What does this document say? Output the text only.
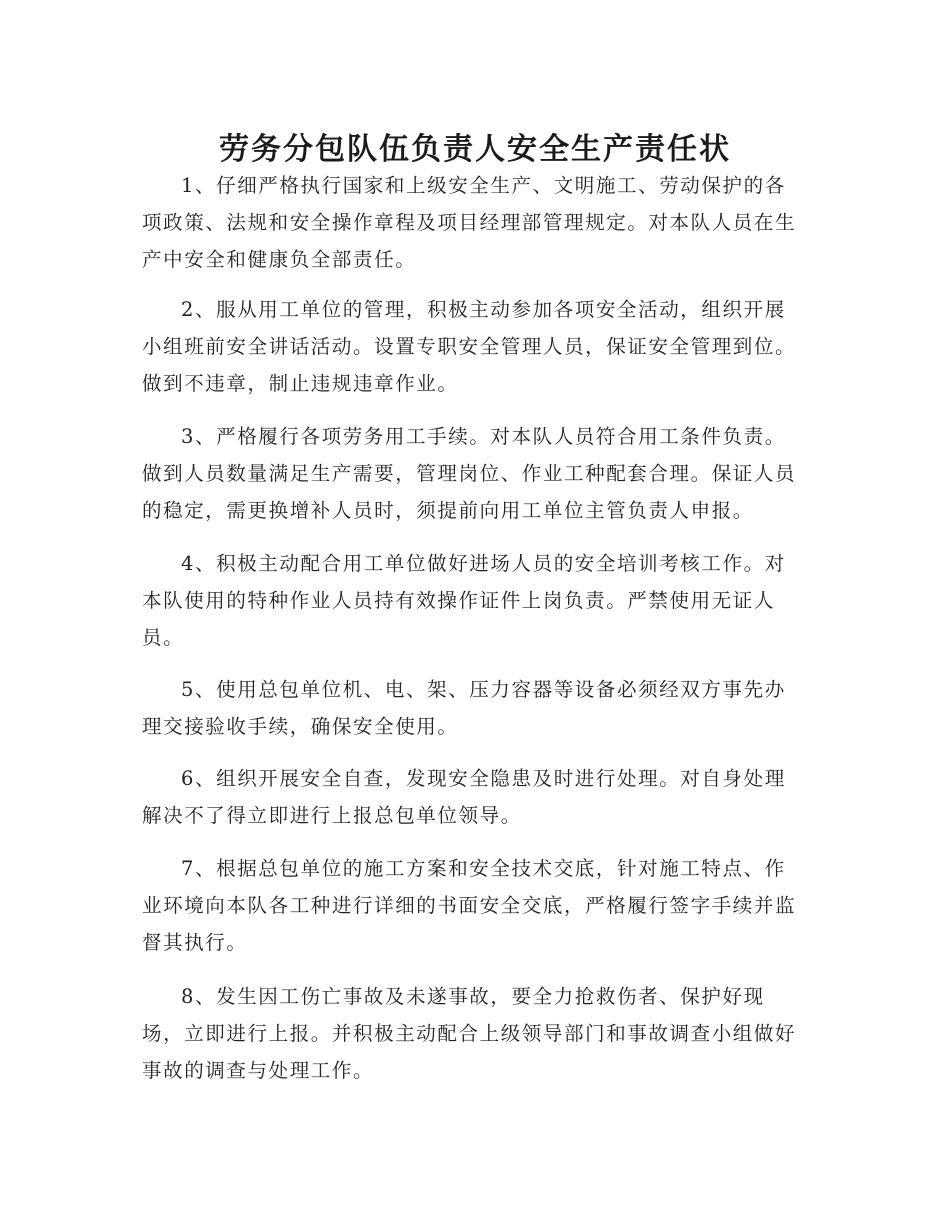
劳务分包队伍负责人安全生产责任状

1、仔细严格执行国家和上级安全生产、文明施工、劳动保护的各项政策、法规和安全操作章程及项目经理部管理规定。对本队人员在生产中安全和健康负全部责任。

2、服从用工单位的管理，积极主动参加各项安全活动，组织开展小组班前安全讲话活动。设置专职安全管理人员，保证安全管理到位。做到不违章，制止违规违章作业。

3、严格履行各项劳务用工手续。对本队人员符合用工条件负责。做到人员数量满足生产需要，管理岗位、作业工种配套合理。保证人员的稳定，需更换增补人员时，须提前向用工单位主管负责人申报。

4、积极主动配合用工单位做好进场人员的安全培训考核工作。对本队使用的特种作业人员持有效操作证件上岗负责。严禁使用无证人员。

5、使用总包单位机、电、架、压力容器等设备必须经双方事先办理交接验收手续，确保安全使用。

6、组织开展安全自查，发现安全隐患及时进行处理。对自身处理解决不了得立即进行上报总包单位领导。

7、根据总包单位的施工方案和安全技术交底，针对施工特点、作业环境向本队各工种进行详细的书面安全交底，严格履行签字手续并监督其执行。

8、发生因工伤亡事故及未遂事故，要全力抢救伤者、保护好现场，立即进行上报。并积极主动配合上级领导部门和事故调查小组做好事故的调查与处理工作。
